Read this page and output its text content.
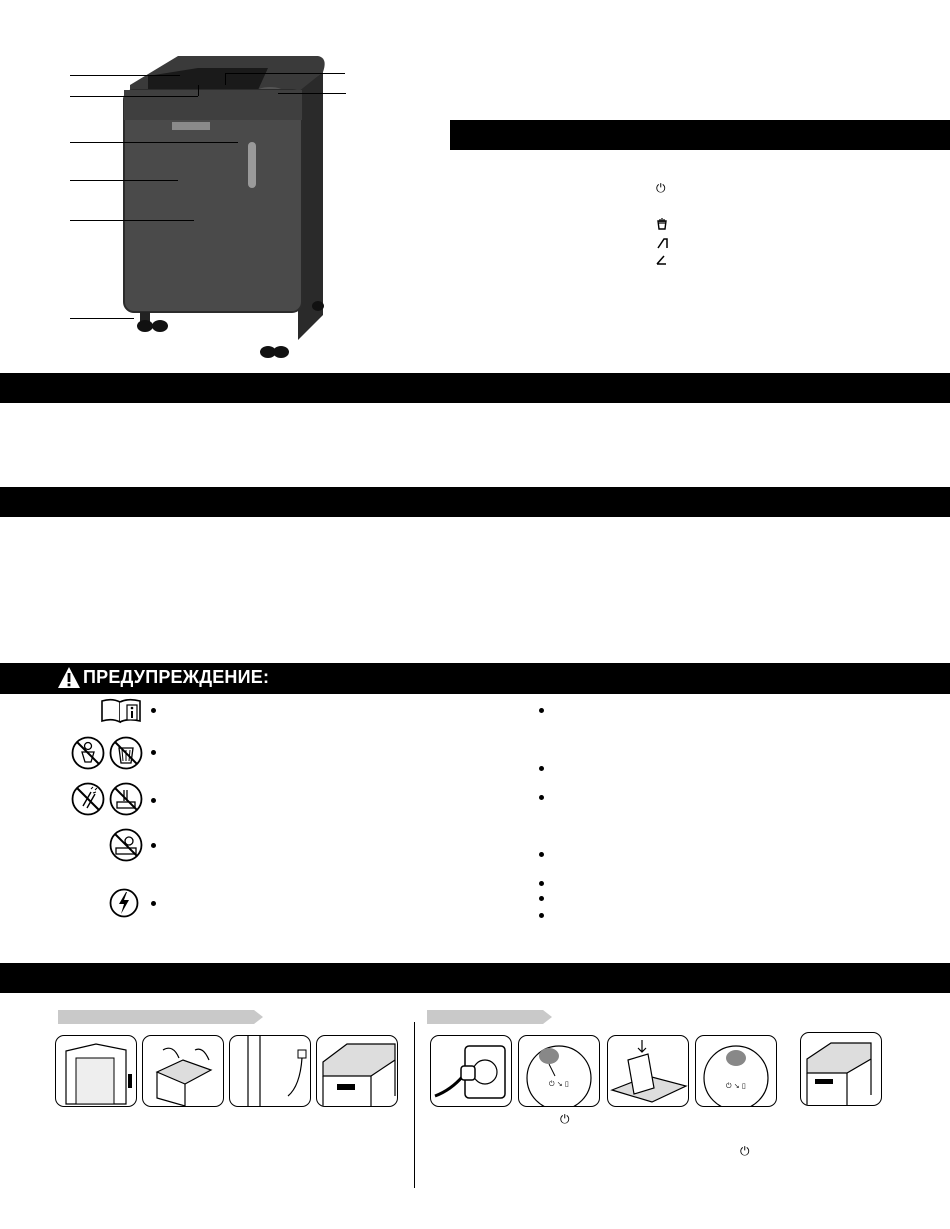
⏻
ПРЕДУПРЕЖДЕНИЕ:
⏻ ↘ ▯	⏻ ↘ ▯
⏻
⏻
